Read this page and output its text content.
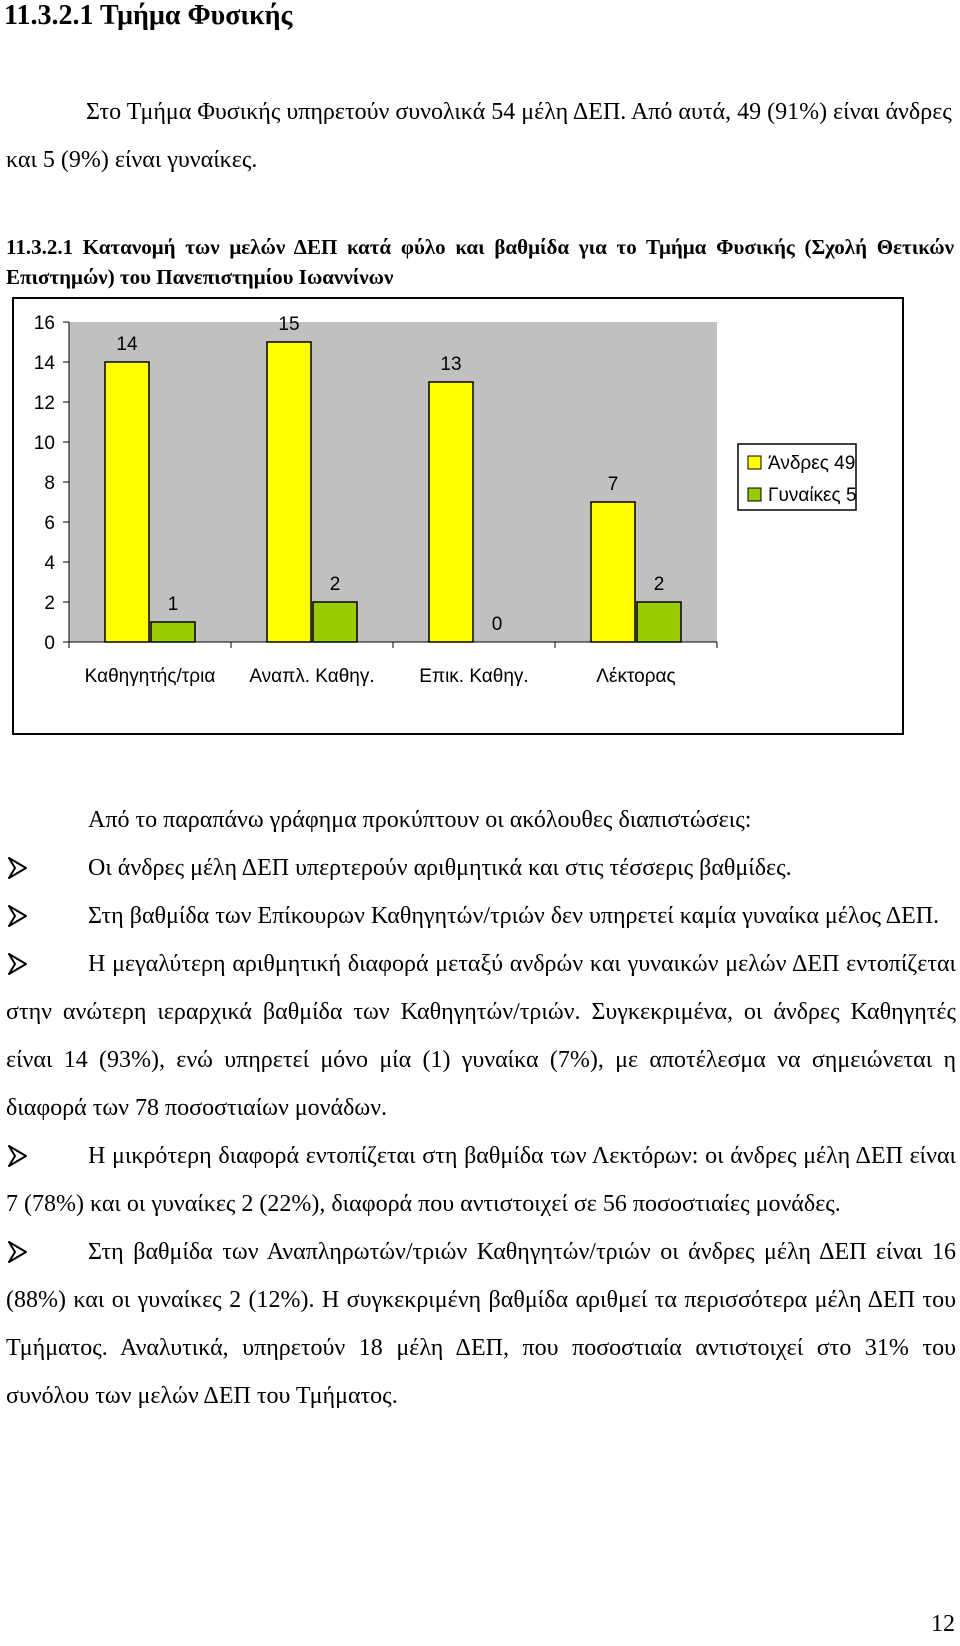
11.3.2.1 Τμήμα Φυσικής
Στο Τμήμα Φυσικής υπηρετούν συνολικά 54 μέλη ΔΕΠ. Από αυτά, 49 (91%) είναι άνδρες και 5 (9%) είναι γυναίκες.
11.3.2.1 Κατανομή των μελών ΔΕΠ κατά φύλο και βαθμίδα για το Τμήμα Φυσικής (Σχολή Θετικών Επιστημών) του Πανεπιστημίου Ιωαννίνων
0
2
4
6
8
10
12
14
16
Καθηγητής/τρια
14
1
Αναπλ. Καθηγ.
15
2
Επικ. Καθηγ.
13
0
Λέκτορας
7
2
Άνδρες 49
Γυναίκες 5
Από το παραπάνω γράφημα προκύπτουν οι ακόλουθες διαπιστώσεις:
Οι άνδρες μέλη ΔΕΠ υπερτερούν αριθμητικά και στις τέσσερις βαθμίδες.
Στη βαθμίδα των Επίκουρων Καθηγητών/τριών δεν υπηρετεί καμία γυναίκα μέλος ΔΕΠ.
Η μεγαλύτερη αριθμητική διαφορά μεταξύ ανδρών και γυναικών μελών ΔΕΠ εντοπίζεται στην ανώτερη ιεραρχικά βαθμίδα των Καθηγητών/τριών. Συγκεκριμένα, οι άνδρες Καθηγητές είναι 14 (93%), ενώ υπηρετεί μόνο μία (1) γυναίκα (7%), με αποτέλεσμα να σημειώνεται η διαφορά των 78 ποσοστιαίων μονάδων.
Η μικρότερη διαφορά εντοπίζεται στη βαθμίδα των Λεκτόρων: οι άνδρες μέλη ΔΕΠ είναι 7 (78%) και οι γυναίκες 2 (22%), διαφορά που αντιστοιχεί σε 56 ποσοστιαίες μονάδες.
Στη βαθμίδα των Αναπληρωτών/τριών Καθηγητών/τριών οι άνδρες μέλη ΔΕΠ είναι 16 (88%) και οι γυναίκες 2 (12%). Η συγκεκριμένη βαθμίδα αριθμεί τα περισσότερα μέλη ΔΕΠ του Τμήματος. Αναλυτικά, υπηρετούν 18 μέλη ΔΕΠ, που ποσοστιαία αντιστοιχεί στο 31% του συνόλου των μελών ΔΕΠ του Τμήματος.
12
